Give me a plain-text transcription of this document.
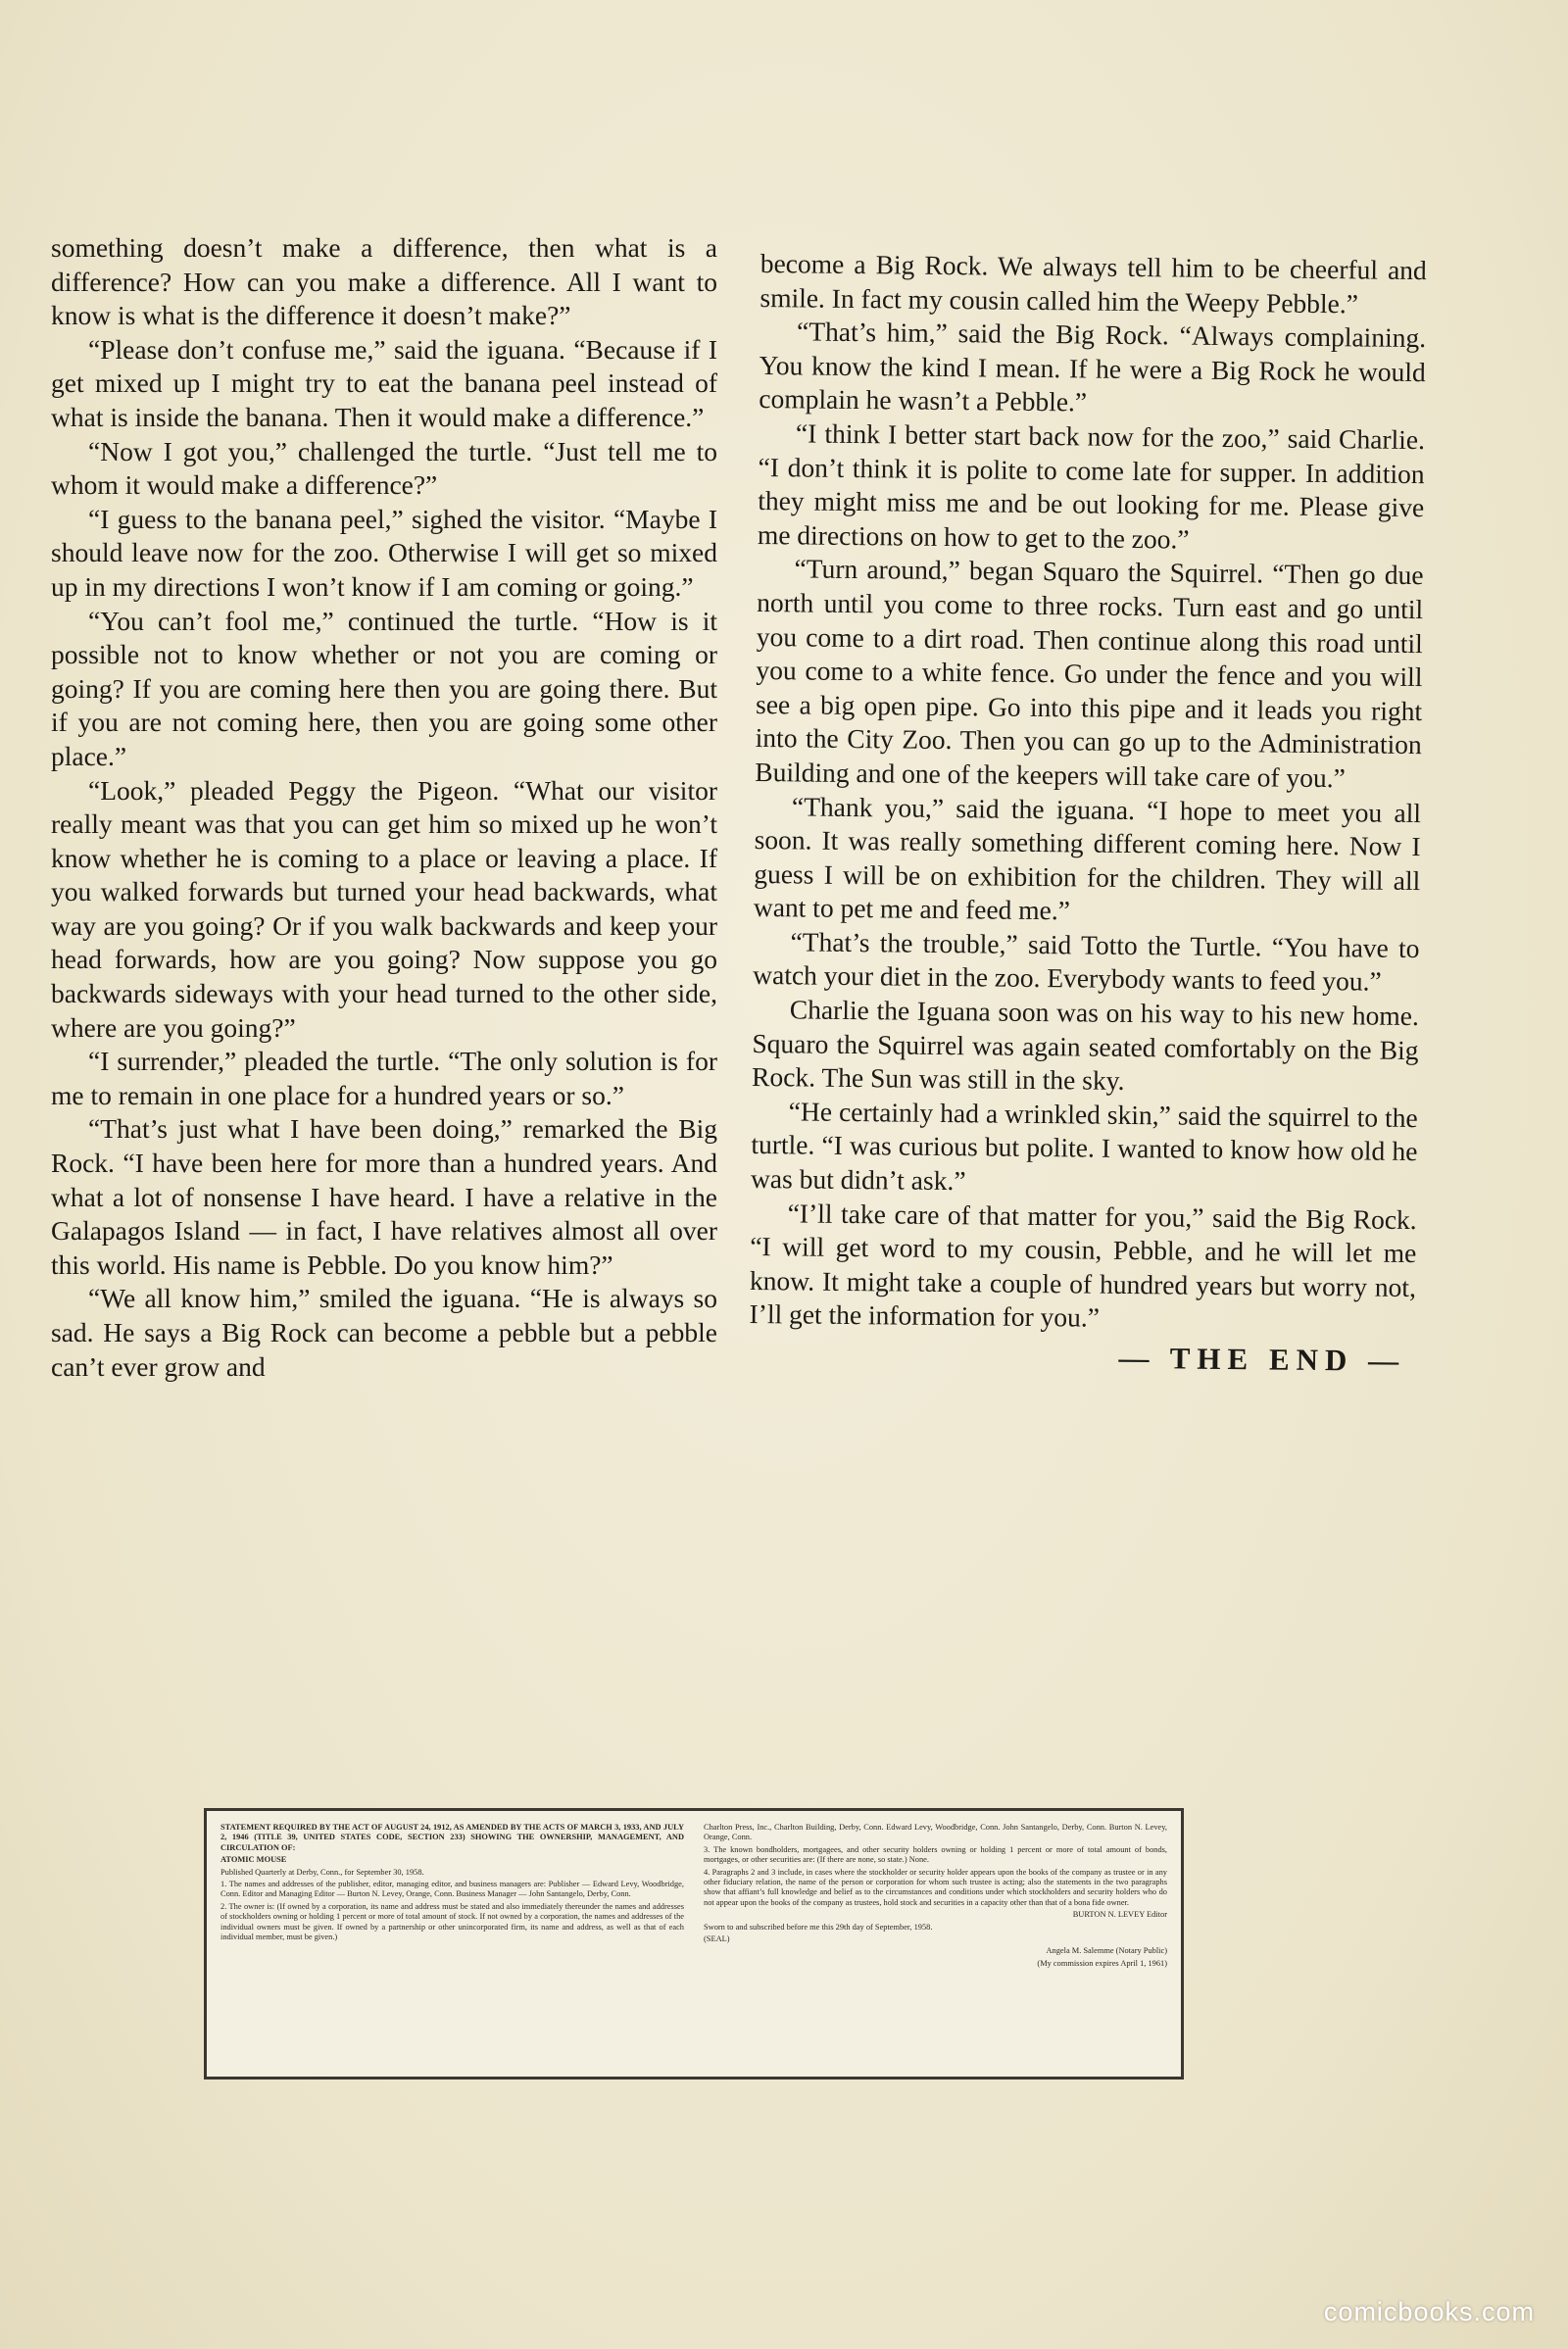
something doesn’t make a difference, then what is a difference? How can you make a difference. All I want to know is what is the difference it doesn’t make?”

“Please don’t confuse me,” said the iguana. “Because if I get mixed up I might try to eat the banana peel instead of what is inside the banana. Then it would make a difference.”

“Now I got you,” challenged the turtle. “Just tell me to whom it would make a difference?”

“I guess to the banana peel,” sighed the visitor. “Maybe I should leave now for the zoo. Otherwise I will get so mixed up in my directions I won’t know if I am coming or going.”

“You can’t fool me,” continued the turtle. “How is it possible not to know whether or not you are coming or going? If you are coming here then you are going there. But if you are not coming here, then you are going some other place.”

“Look,” pleaded Peggy the Pigeon. “What our visitor really meant was that you can get him so mixed up he won’t know whether he is coming to a place or leaving a place. If you walked forwards but turned your head backwards, what way are you going? Or if you walk backwards and keep your head forwards, how are you going? Now suppose you go backwards sideways with your head turned to the other side, where are you going?”

“I surrender,” pleaded the turtle. “The only solution is for me to remain in one place for a hundred years or so.”

“That’s just what I have been doing,” remarked the Big Rock. “I have been here for more than a hundred years. And what a lot of nonsense I have heard. I have a relative in the Galapagos Island — in fact, I have relatives almost all over this world. His name is Pebble. Do you know him?”

“We all know him,” smiled the iguana. “He is always so sad. He says a Big Rock can become a pebble but a pebble can’t ever grow and

become a Big Rock. We always tell him to be cheerful and smile. In fact my cousin called him the Weepy Pebble.”

“That’s him,” said the Big Rock. “Always complaining. You know the kind I mean. If he were a Big Rock he would complain he wasn’t a Pebble.”

“I think I better start back now for the zoo,” said Charlie. “I don’t think it is polite to come late for supper. In addition they might miss me and be out looking for me. Please give me directions on how to get to the zoo.”

“Turn around,” began Squaro the Squirrel. “Then go due north until you come to three rocks. Turn east and go until you come to a dirt road. Then continue along this road until you come to a white fence. Go under the fence and you will see a big open pipe. Go into this pipe and it leads you right into the City Zoo. Then you can go up to the Administration Building and one of the keepers will take care of you.”

“Thank you,” said the iguana. “I hope to meet you all soon. It was really something different coming here. Now I guess I will be on exhibition for the children. They will all want to pet me and feed me.”

“That’s the trouble,” said Totto the Turtle. “You have to watch your diet in the zoo. Everybody wants to feed you.”

Charlie the Iguana soon was on his way to his new home. Squaro the Squirrel was again seated comfortably on the Big Rock. The Sun was still in the sky.

“He certainly had a wrinkled skin,” said the squirrel to the turtle. “I was curious but polite. I wanted to know how old he was but didn’t ask.”

“I’ll take care of that matter for you,” said the Big Rock. “I will get word to my cousin, Pebble, and he will let me know. It might take a couple of hundred years but worry not, I’ll get the information for you.”

— THE END —

STATEMENT REQUIRED BY THE ACT OF AUGUST 24, 1912, AS AMENDED BY THE ACTS OF MARCH 3, 1933, AND JULY 2, 1946 (TITLE 39, UNITED STATES CODE, SECTION 233) SHOWING THE OWNERSHIP, MANAGEMENT, AND CIRCULATION OF:

ATOMIC MOUSE

Published Quarterly at Derby, Conn., for September 30, 1958.

1. The names and addresses of the publisher, editor, managing editor, and business managers are: Publisher — Edward Levy, Woodbridge, Conn. Editor and Managing Editor — Burton N. Levey, Orange, Conn. Business Manager — John Santangelo, Derby, Conn.

2. The owner is: (If owned by a corporation, its name and address must be stated and also immediately thereunder the names and addresses of stockholders owning or holding 1 percent or more of total amount of stock. If not owned by a corporation, the names and addresses of the individual owners must be given. If owned by a partnership or other unincorporated firm, its name and address, as well as that of each individual member, must be given.)

Charlton Press, Inc., Charlton Building, Derby, Conn. Edward Levy, Woodbridge, Conn. John Santangelo, Derby, Conn. Burton N. Levey, Orange, Conn.

3. The known bondholders, mortgagees, and other security holders owning or holding 1 percent or more of total amount of bonds, mortgages, or other securities are: (If there are none, so state.) None.

4. Paragraphs 2 and 3 include, in cases where the stockholder or security holder appears upon the books of the company as trustee or in any other fiduciary relation, the name of the person or corporation for whom such trustee is acting; also the statements in the two paragraphs show that affiant’s full knowledge and belief as to the circumstances and conditions under which stockholders and security holders who do not appear upon the books of the company as trustees, hold stock and securities in a capacity other than that of a bona fide owner.

BURTON N. LEVEY Editor

Sworn to and subscribed before me this 29th day of September, 1958.

(SEAL)

Angela M. Salemme (Notary Public)

(My commission expires April 1, 1961)

comicbooks.com
